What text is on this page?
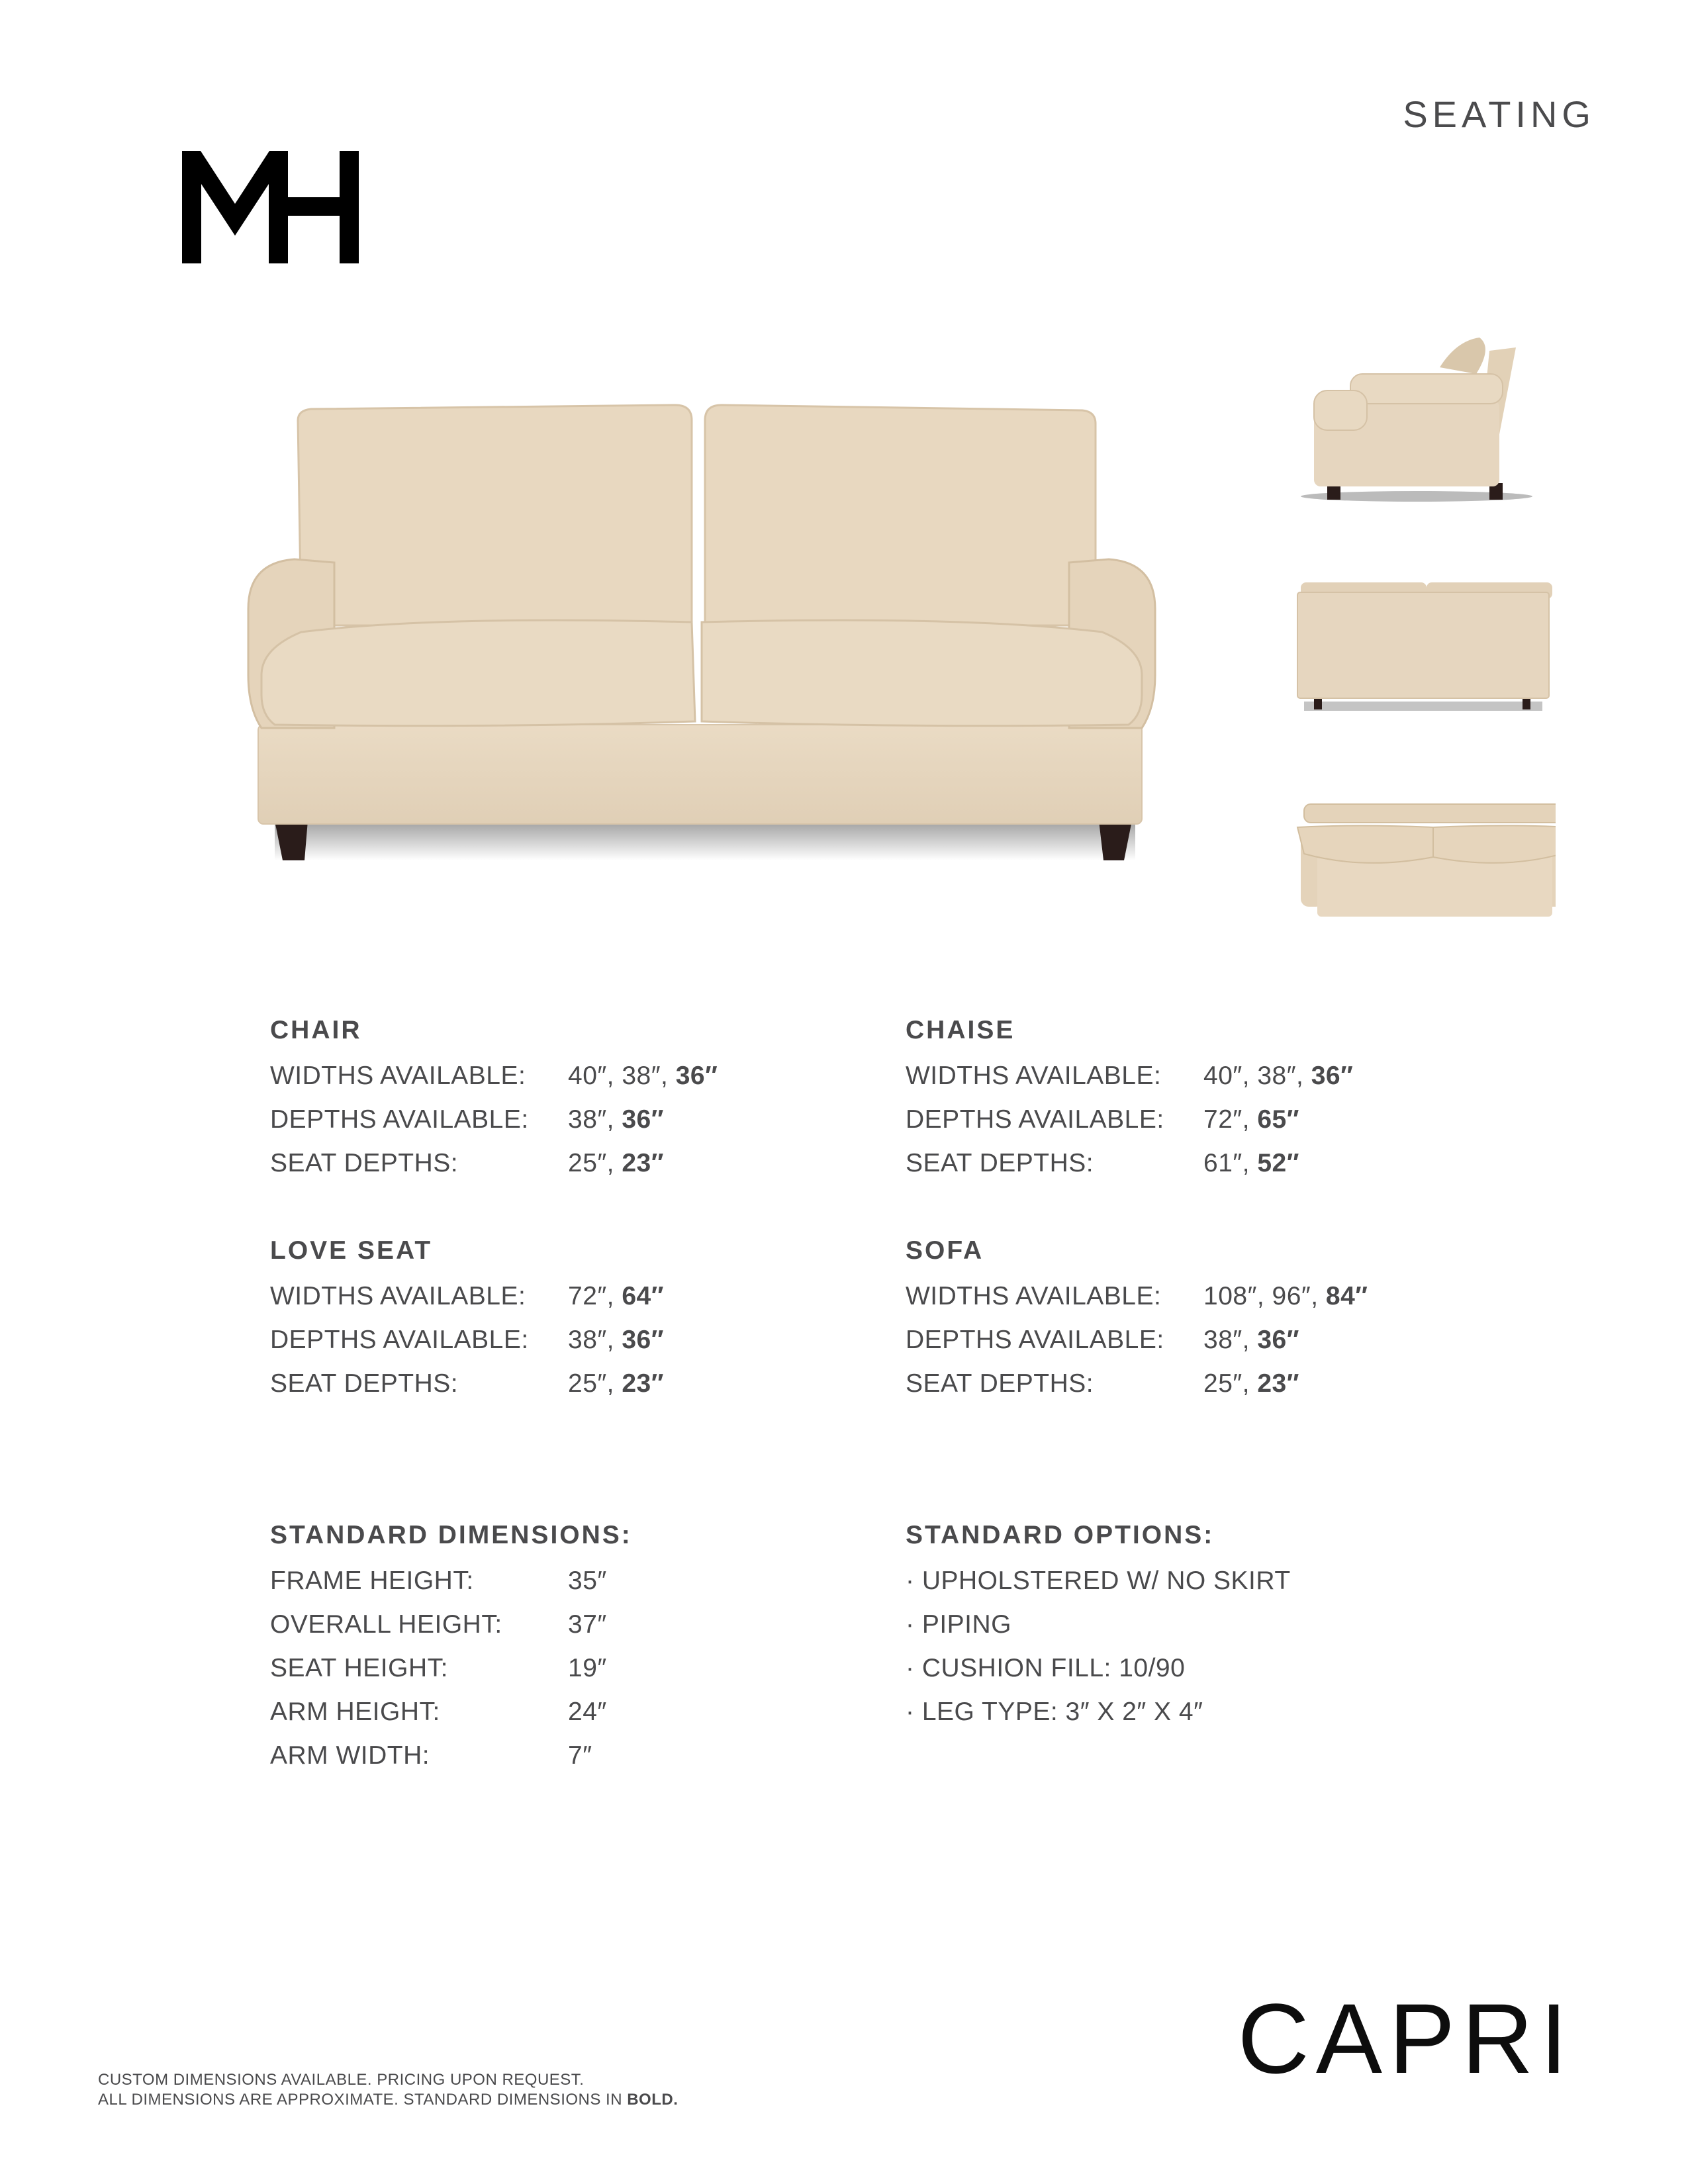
SEATING
CHAIR
WIDTHS AVAILABLE:	40″, 38″, 36″
DEPTHS AVAILABLE:	38″, 36″
SEAT DEPTHS:	25″, 23″
CHAISE
WIDTHS AVAILABLE:	40″, 38″, 36″
DEPTHS AVAILABLE:	72″, 65″
SEAT DEPTHS:	61″, 52″
LOVE SEAT
WIDTHS AVAILABLE:	72″, 64″
DEPTHS AVAILABLE:	38″, 36″
SEAT DEPTHS:	25″, 23″
SOFA
WIDTHS AVAILABLE:	108″, 96″, 84″
DEPTHS AVAILABLE:	38″, 36″
SEAT DEPTHS:	25″, 23″
STANDARD DIMENSIONS:
FRAME HEIGHT:	35″
OVERALL HEIGHT:	37″
SEAT HEIGHT:	19″
ARM HEIGHT:	24″
ARM WIDTH:	7″
STANDARD OPTIONS:
· UPHOLSTERED W/ NO SKIRT
· PIPING
· CUSHION FILL: 10/90
· LEG TYPE: 3″ X 2″ X 4″
CUSTOM DIMENSIONS AVAILABLE. PRICING UPON REQUEST.
ALL DIMENSIONS ARE APPROXIMATE. STANDARD DIMENSIONS IN BOLD.
CAPRI
